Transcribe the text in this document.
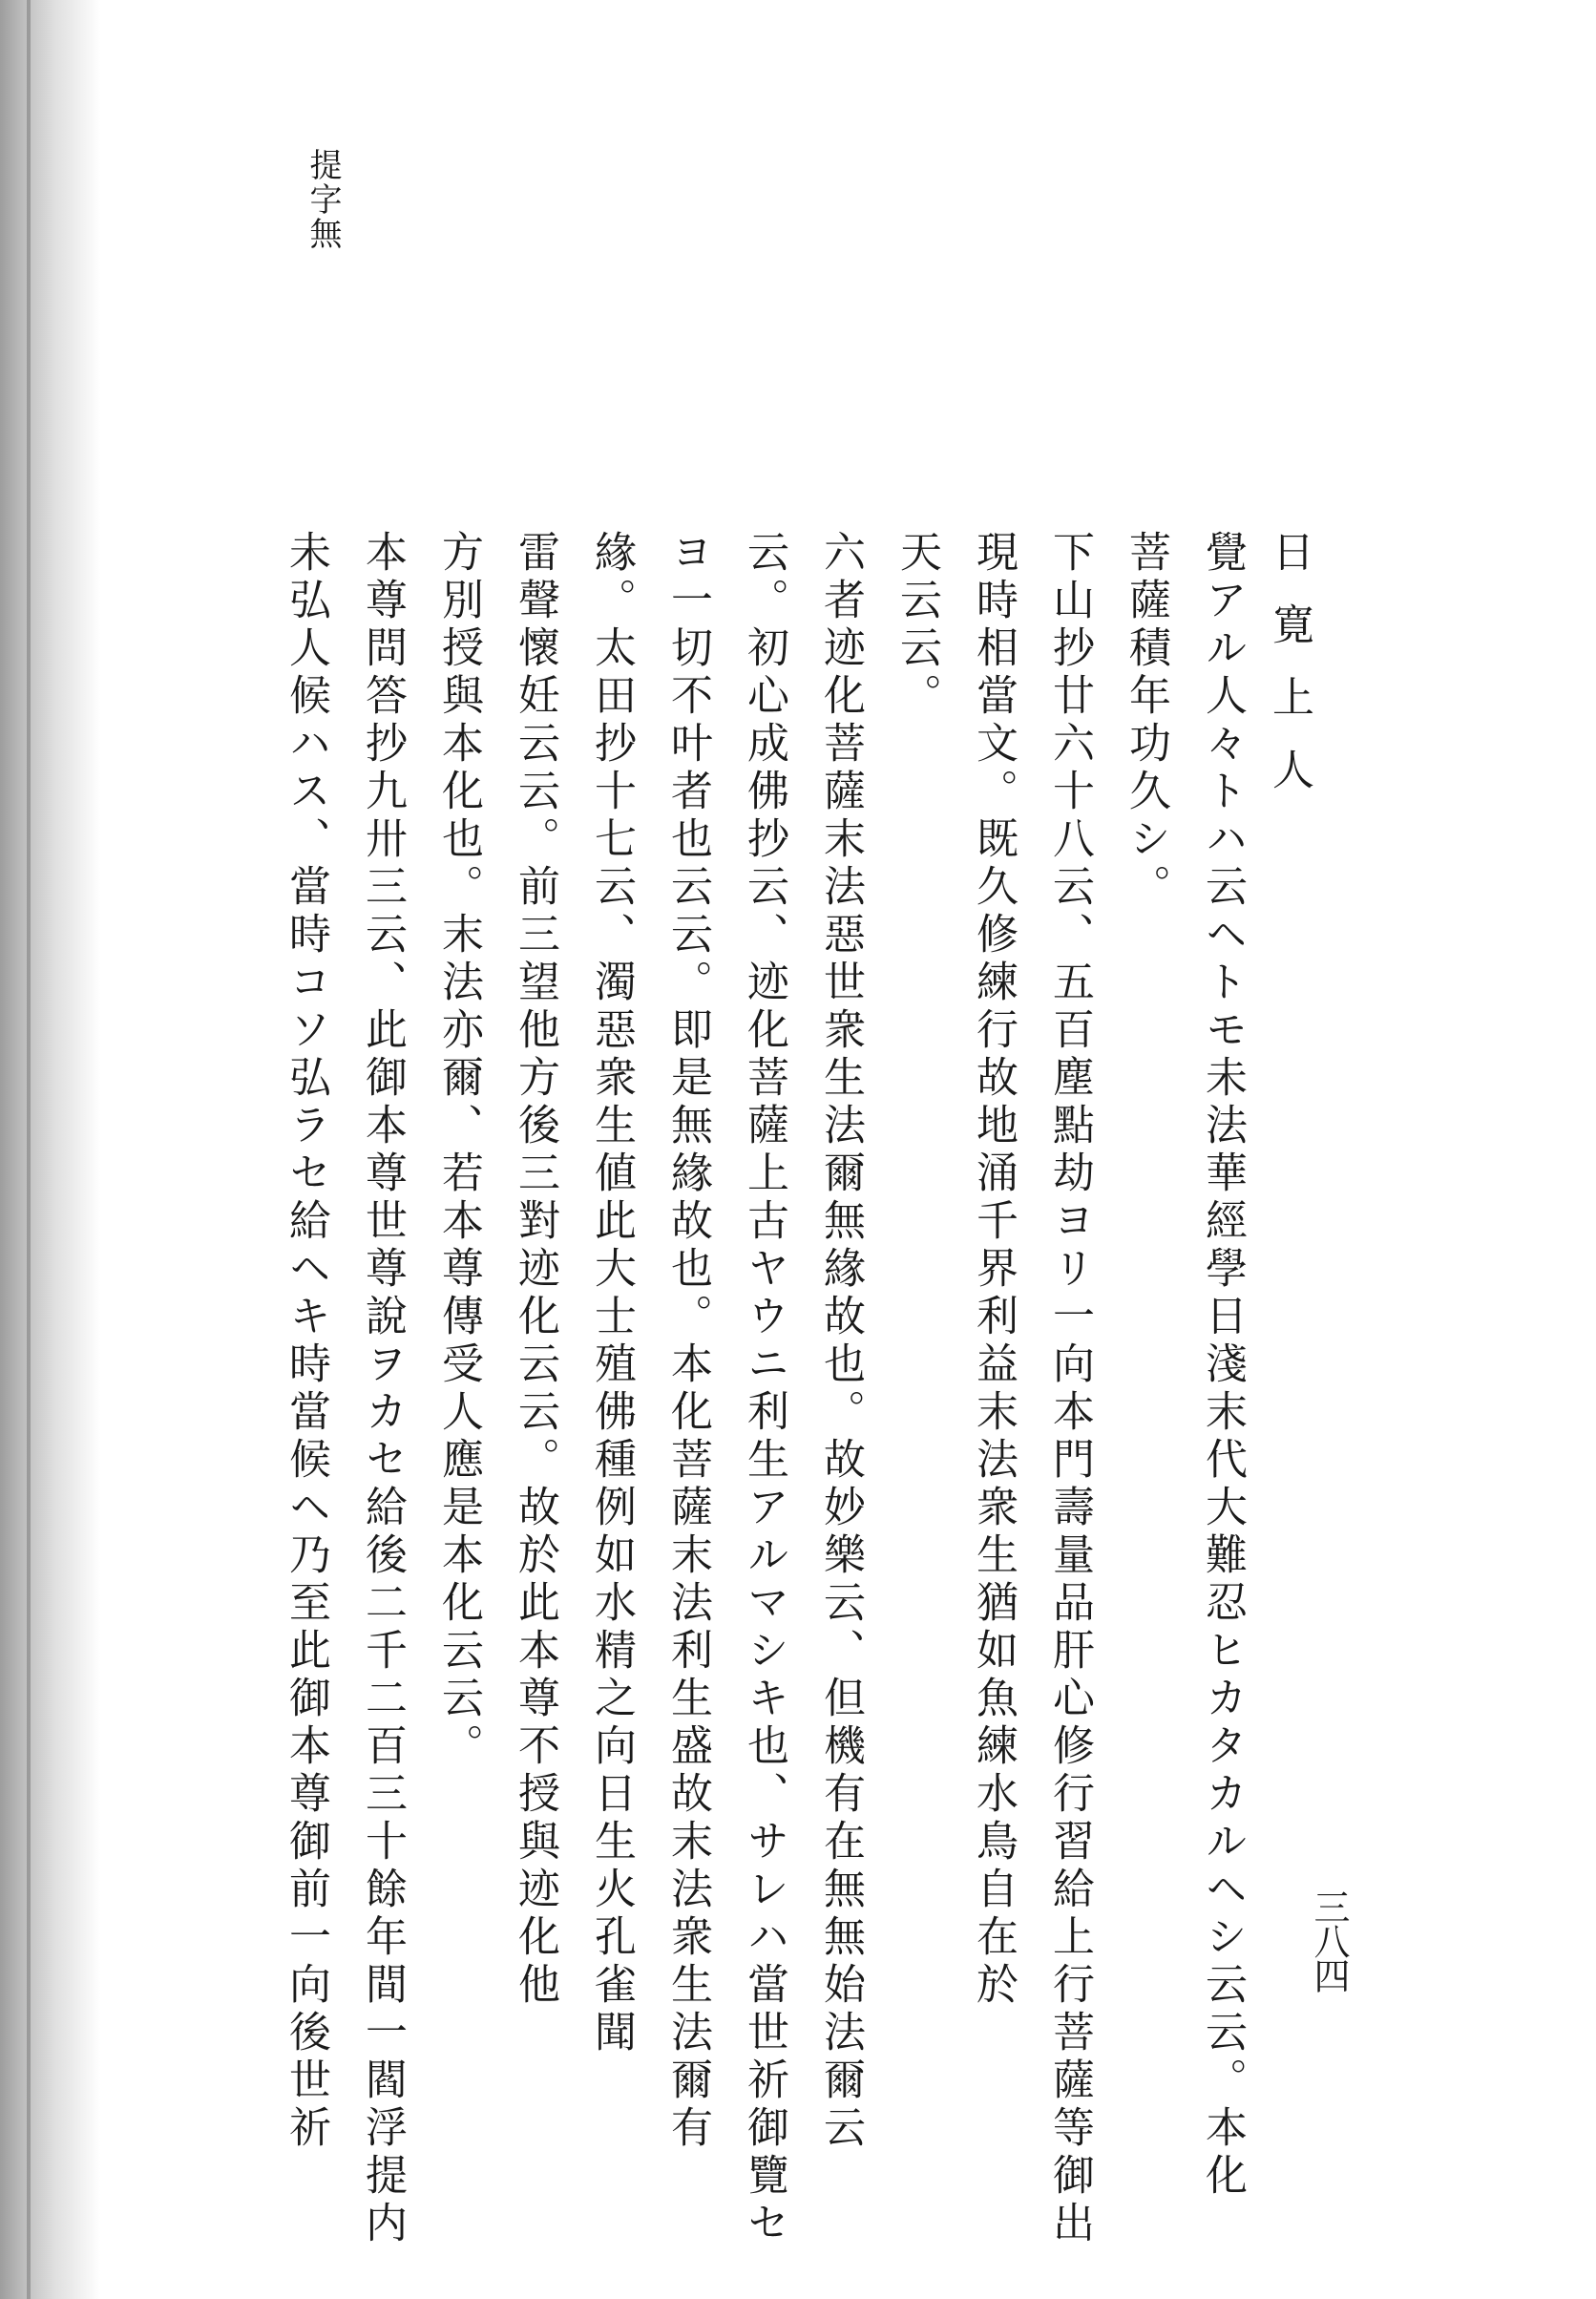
日寛上人
三八四
提字無
覺アル人々トハ云ヘトモ未法華經學日淺末代大難忍ヒカタカルヘシ云云。本化
菩薩積年功久シ。
下山抄廿六十八云、五百塵點劫ヨリ一向本門壽量品肝心修行習給上行菩薩等御出
現時相當文。既久修練行故地涌千界利益末法衆生猶如魚練水鳥自在於
天云云。
六者迹化菩薩末法惡世衆生法爾無緣故也。故妙樂云、但機有在無無始法爾云
云。初心成佛抄云、迹化菩薩上古ヤウニ利生アルマシキ也、サレハ當世祈御覽セ
ヨ一切不叶者也云云。即是無緣故也。本化菩薩末法利生盛故末法衆生法爾有
緣。太田抄十七云、濁惡衆生値此大士殖佛種例如水精之向日生火孔雀聞
雷聲懷妊云云。前三望他方後三對迹化云云。故於此本尊不授與迹化他
方別授與本化也。末法亦爾、若本尊傳受人應是本化云云。
本尊問答抄九卅三云、此御本尊世尊說ヲカセ給後二千二百三十餘年間一閻浮提内
未弘人候ハス、當時コソ弘ラセ給ヘキ時當候ヘ乃至此御本尊御前一向後世祈
